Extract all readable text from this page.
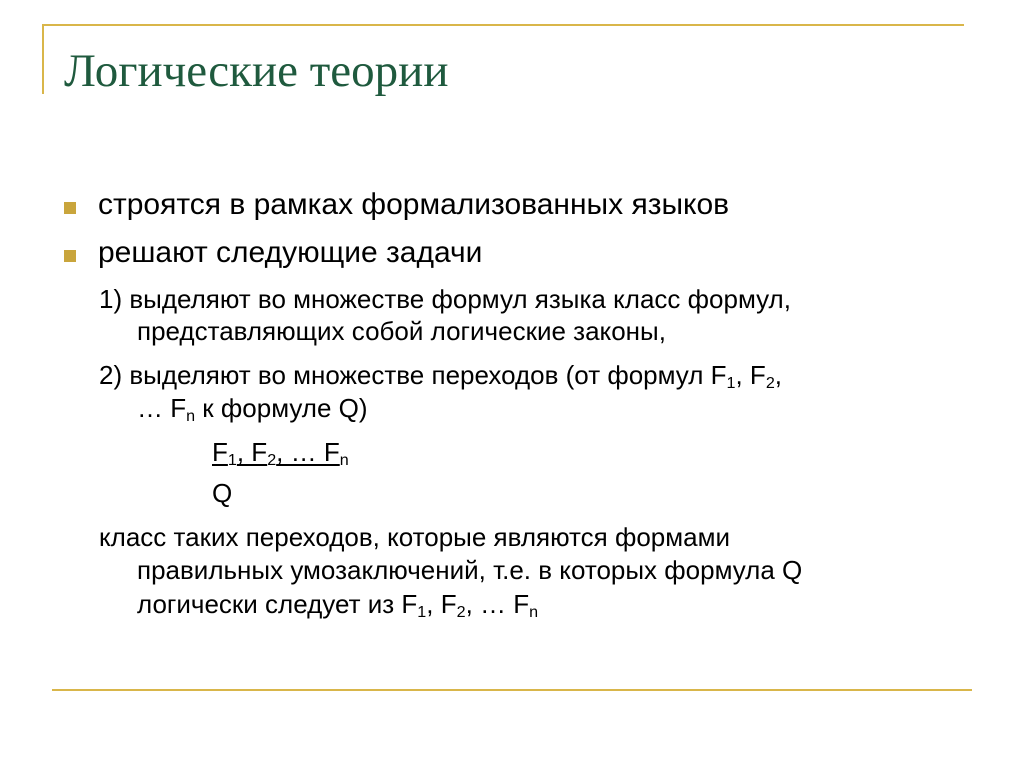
Логические теории
строятся в рамках формализованных языков
решают следующие задачи
1) выделяют во множестве формул языка класс формул,
представляющих собой логические законы,
2) выделяют во множестве переходов (от формул $F_1$, $F_2$,
… $F_n$ к формуле Q)
$F_1$, $F_2$, … $F_n$
Q
класс таких переходов, которые являются формами
правильных умозаключений, т.е. в которых формула Q
логически следует из $F_1$, $F_2$, … $F_n$
